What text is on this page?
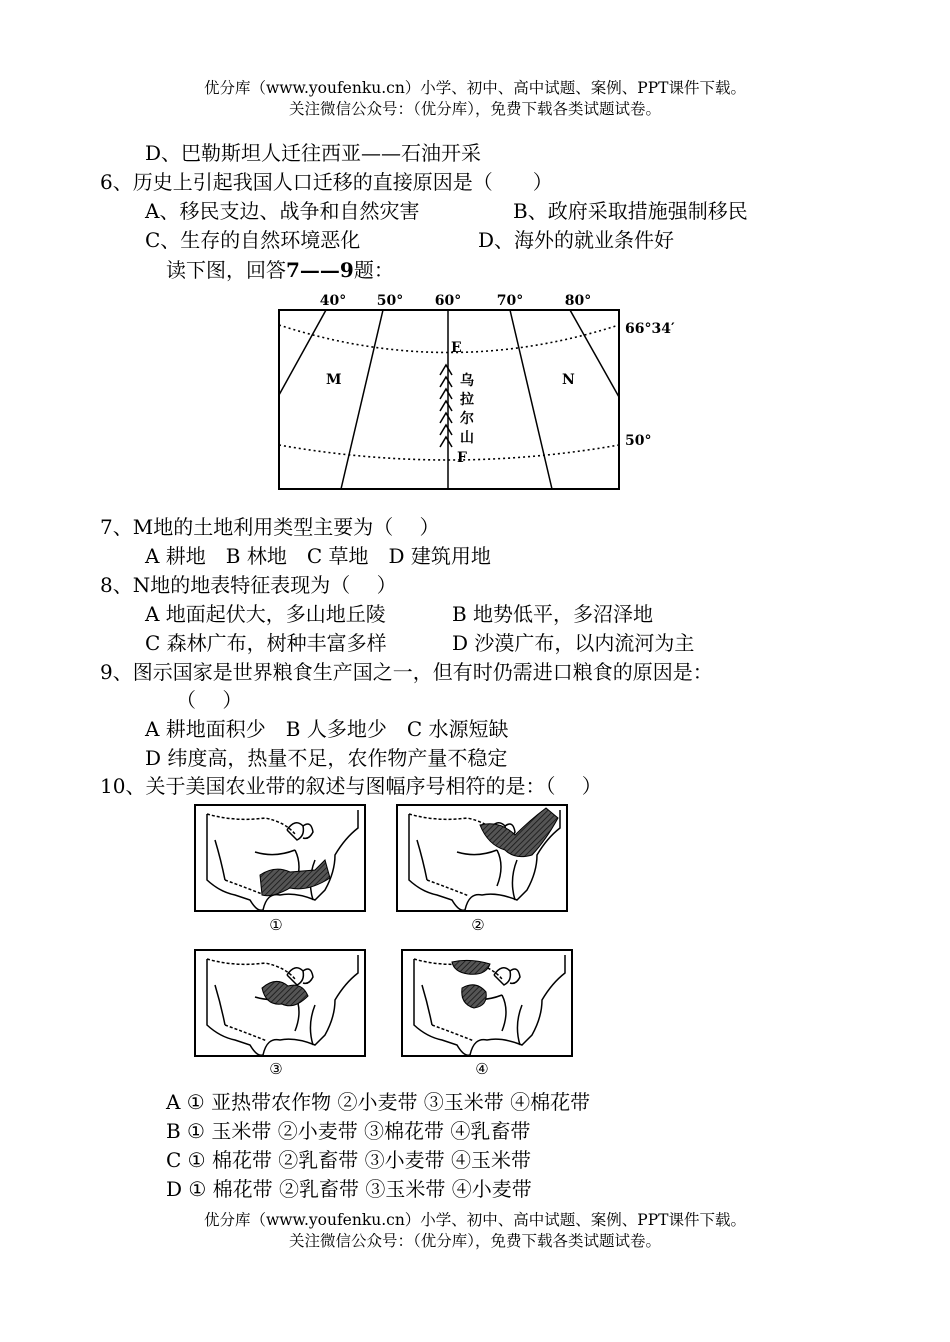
优分库（www.youfenku.cn）小学、初中、高中试题、案例、PPT课件下载。
关注微信公众号：（优分库），免费下载各类试题试卷。
D、巴勒斯坦人迁往西亚——石油开采
6、历史上引起我国人口迁移的直接原因是（　　）
A、移民支边、战争和自然灾害	B、政府采取措施强制移民
C、生存的自然环境恶化	D、海外的就业条件好
读下图，回答7——9题：
40° 50° 60°	70°	80°
66°34′
50°
M	N
E
F
乌
拉
尔
山
7、M地的土地利用类型主要为（　 ）
A 耕地　B 林地　C 草地　D 建筑用地
8、N地的地表特征表现为（　 ）
A 地面起伏大，多山地丘陵	B 地势低平，多沼泽地
C 森林广布，树种丰富多样	D 沙漠广布，以内流河为主
9、图示国家是世界粮食生产国之一，但有时仍需进口粮食的原因是：
（　 ）
A 耕地面积少　B 人多地少　C 水源短缺
D 纬度高，热量不足，农作物产量不稳定
10、关于美国农业带的叙述与图幅序号相符的是：（　 ）
①	②
③	④
A ① 亚热带农作物 ②小麦带 ③玉米带 ④棉花带
B ① 玉米带 ②小麦带 ③棉花带 ④乳畜带
C ① 棉花带 ②乳畜带 ③小麦带 ④玉米带
D ① 棉花带 ②乳畜带 ③玉米带 ④小麦带
优分库（www.youfenku.cn）小学、初中、高中试题、案例、PPT课件下载。
关注微信公众号：（优分库），免费下载各类试题试卷。
